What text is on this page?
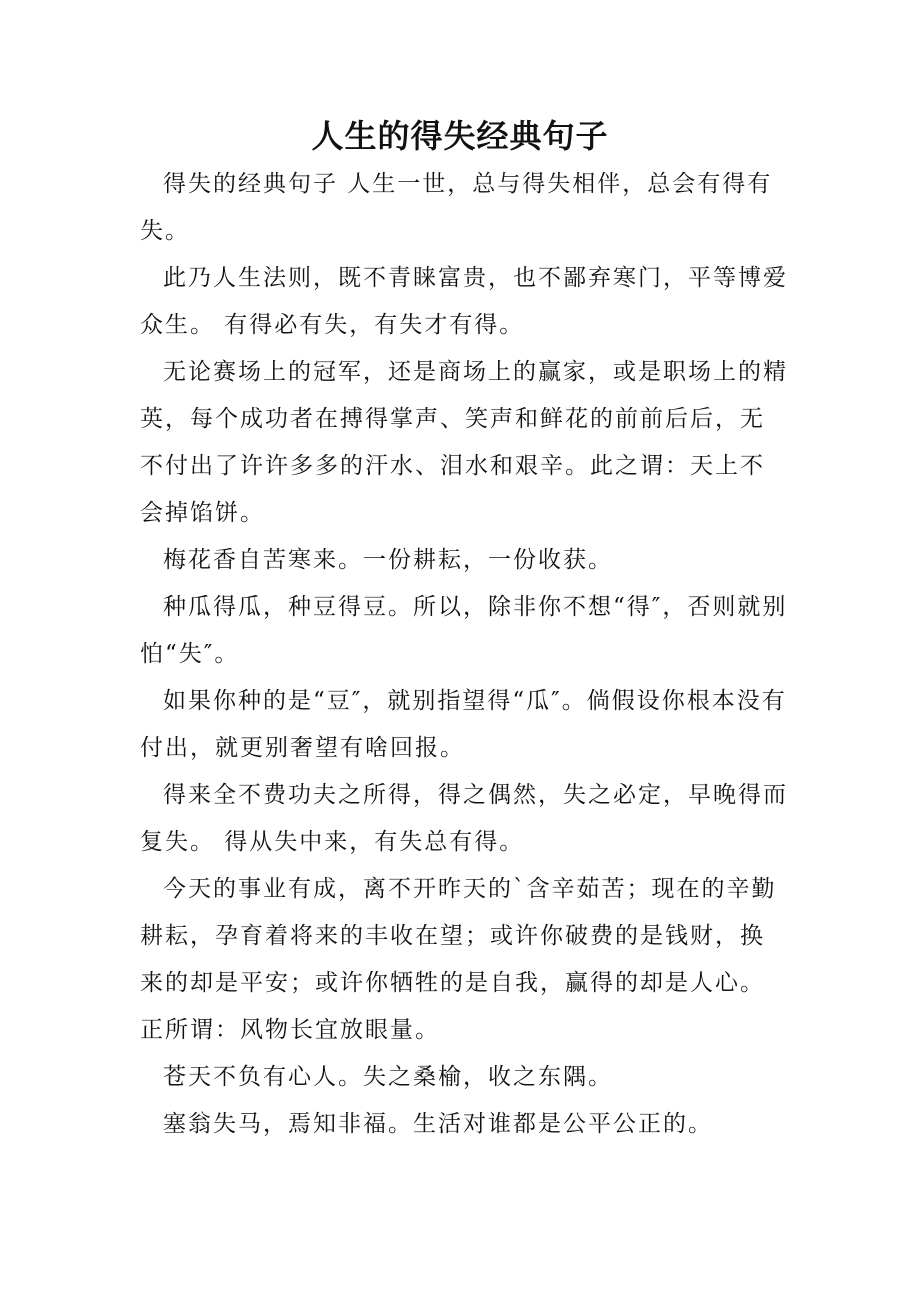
人生的得失经典句子

得失的经典句子 人生一世，总与得失相伴，总会有得有失。

此乃人生法则，既不青睐富贵，也不鄙弃寒门，平等博爱众生。 有得必有失，有失才有得。

无论赛场上的冠军，还是商场上的赢家，或是职场上的精英，每个成功者在搏得掌声、笑声和鲜花的前前后后，无不付出了许许多多的汗水、泪水和艰辛。此之谓：天上不会掉馅饼。

梅花香自苦寒来。一份耕耘，一份收获。

种瓜得瓜，种豆得豆。所以，除非你不想“得″，否则就别怕“失″。

如果你种的是“豆″，就别指望得“瓜″。倘假设你根本没有付出，就更别奢望有啥回报。

得来全不费功夫之所得，得之偶然，失之必定，早晚得而复失。 得从失中来，有失总有得。

今天的事业有成，离不开昨天的`含辛茹苦；现在的辛勤耕耘，孕育着将来的丰收在望；或许你破费的是钱财，换来的却是平安；或许你牺牲的是自我，赢得的却是人心。正所谓：风物长宜放眼量。

苍天不负有心人。失之桑榆，收之东隅。

塞翁失马，焉知非福。生活对谁都是公平公正的。
